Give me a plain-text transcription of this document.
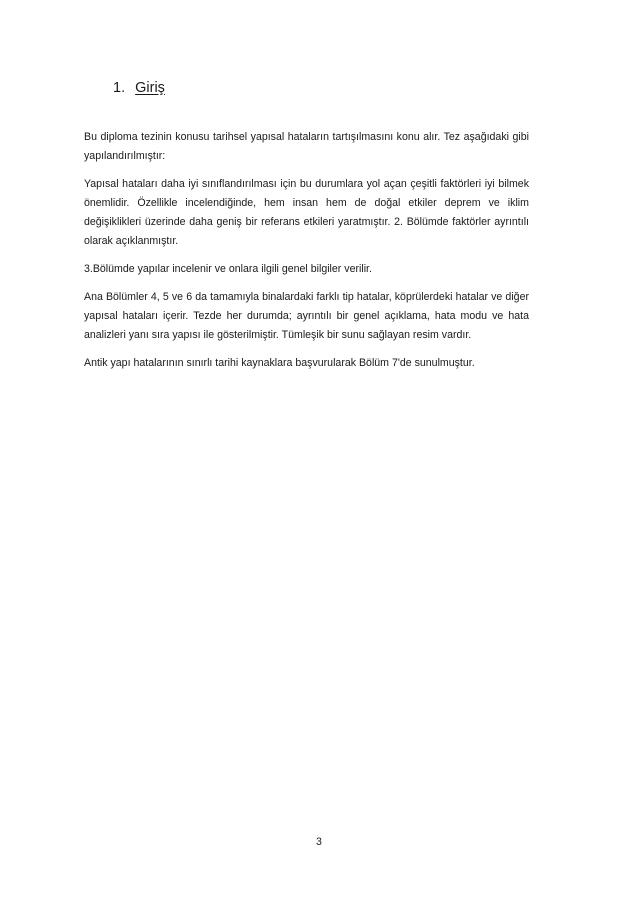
1. Giriş

Bu diploma tezinin konusu tarihsel yapısal hataların tartışılmasını konu alır. Tez aşağıdaki gibi yapılandırılmıştır:

Yapısal hataları daha iyi sınıflandırılması için bu durumlara yol açan çeşitli faktörleri iyi bilmek önemlidir. Özellikle incelendiğinde, hem insan hem de doğal etkiler deprem ve iklim değişiklikleri üzerinde daha geniş bir referans etkileri yaratmıştır. 2. Bölümde faktörler ayrıntılı olarak açıklanmıştır.

3.Bölümde yapılar incelenir ve onlara ilgili genel bilgiler verilir.

Ana Bölümler 4, 5 ve 6 da tamamıyla binalardaki farklı tip hatalar, köprülerdeki hatalar ve diğer yapısal hataları içerir. Tezde her durumda; ayrıntılı bir genel açıklama, hata modu ve hata analizleri yanı sıra yapısı ile gösterilmiştir. Tümleşik bir sunu sağlayan resim vardır.

Antik yapı hatalarının sınırlı tarihi kaynaklara başvurularak Bölüm 7'de sunulmuştur.

3
